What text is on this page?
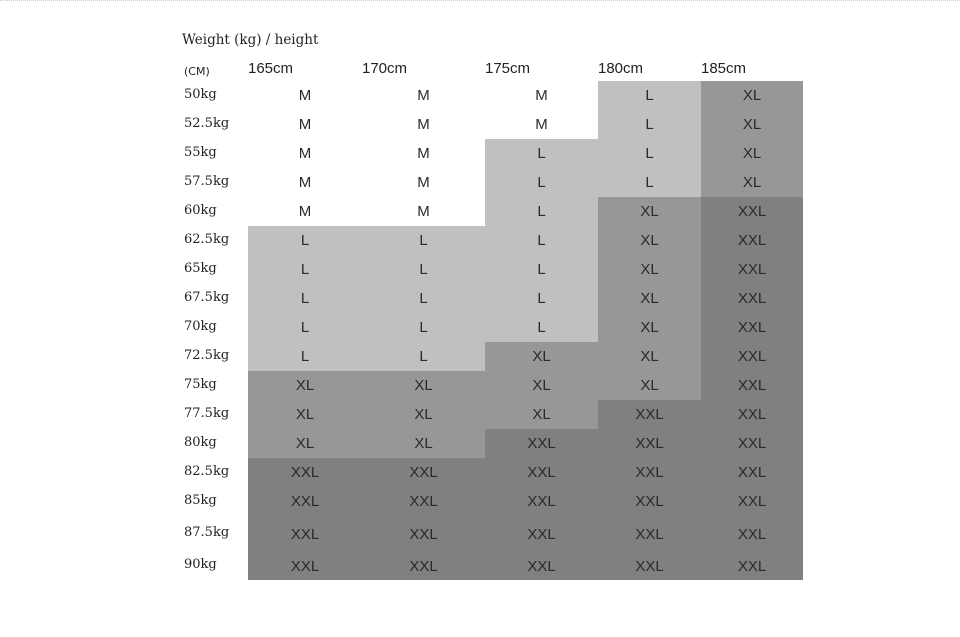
Weight (kg) / height
(CM)	165cm	170cm	175cm	180cm	185cm
50kg	M	M	M	L	XL
52.5kg	M	M	M	L	XL
55kg	M	M	L	L	XL
57.5kg	M	M	L	L	XL
60kg	M	M	L	XL	XXL
62.5kg	L	L	L	XL	XXL
65kg	L	L	L	XL	XXL
67.5kg	L	L	L	XL	XXL
70kg	L	L	L	XL	XXL
72.5kg	L	L	XL	XL	XXL
75kg	XL	XL	XL	XL	XXL
77.5kg	XL	XL	XL	XXL	XXL
80kg	XL	XL	XXL	XXL	XXL
82.5kg	XXL	XXL	XXL	XXL	XXL
85kg	XXL	XXL	XXL	XXL	XXL
87.5kg	XXL	XXL	XXL	XXL	XXL
90kg	XXL	XXL	XXL	XXL	XXL
